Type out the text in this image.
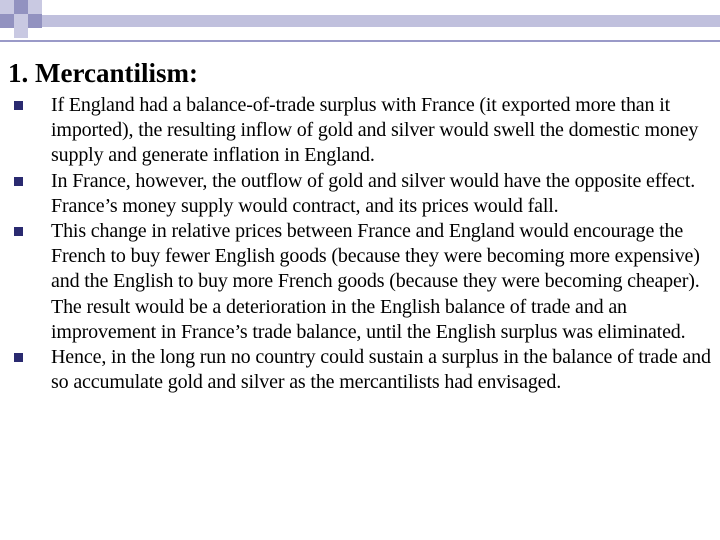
1. Mercantilism:
If England had a balance-of-trade surplus with France (it exported more than it imported), the resulting inflow of gold and silver would swell the domestic money supply and generate inflation in England.
In France, however, the outflow of gold and silver would have the opposite effect. France’s money supply would contract, and its prices would fall.
This change in relative prices between France and England would encourage the French to buy fewer English goods (because they were becoming more expensive) and the English to buy more French goods (because they were becoming cheaper). The result would be a deterioration in the English balance of trade and an improvement in France’s trade balance, until the English surplus was eliminated.
Hence, in the long run no country could sustain a surplus in the balance of trade and so accumulate gold and silver as the mercantilists had envisaged.
